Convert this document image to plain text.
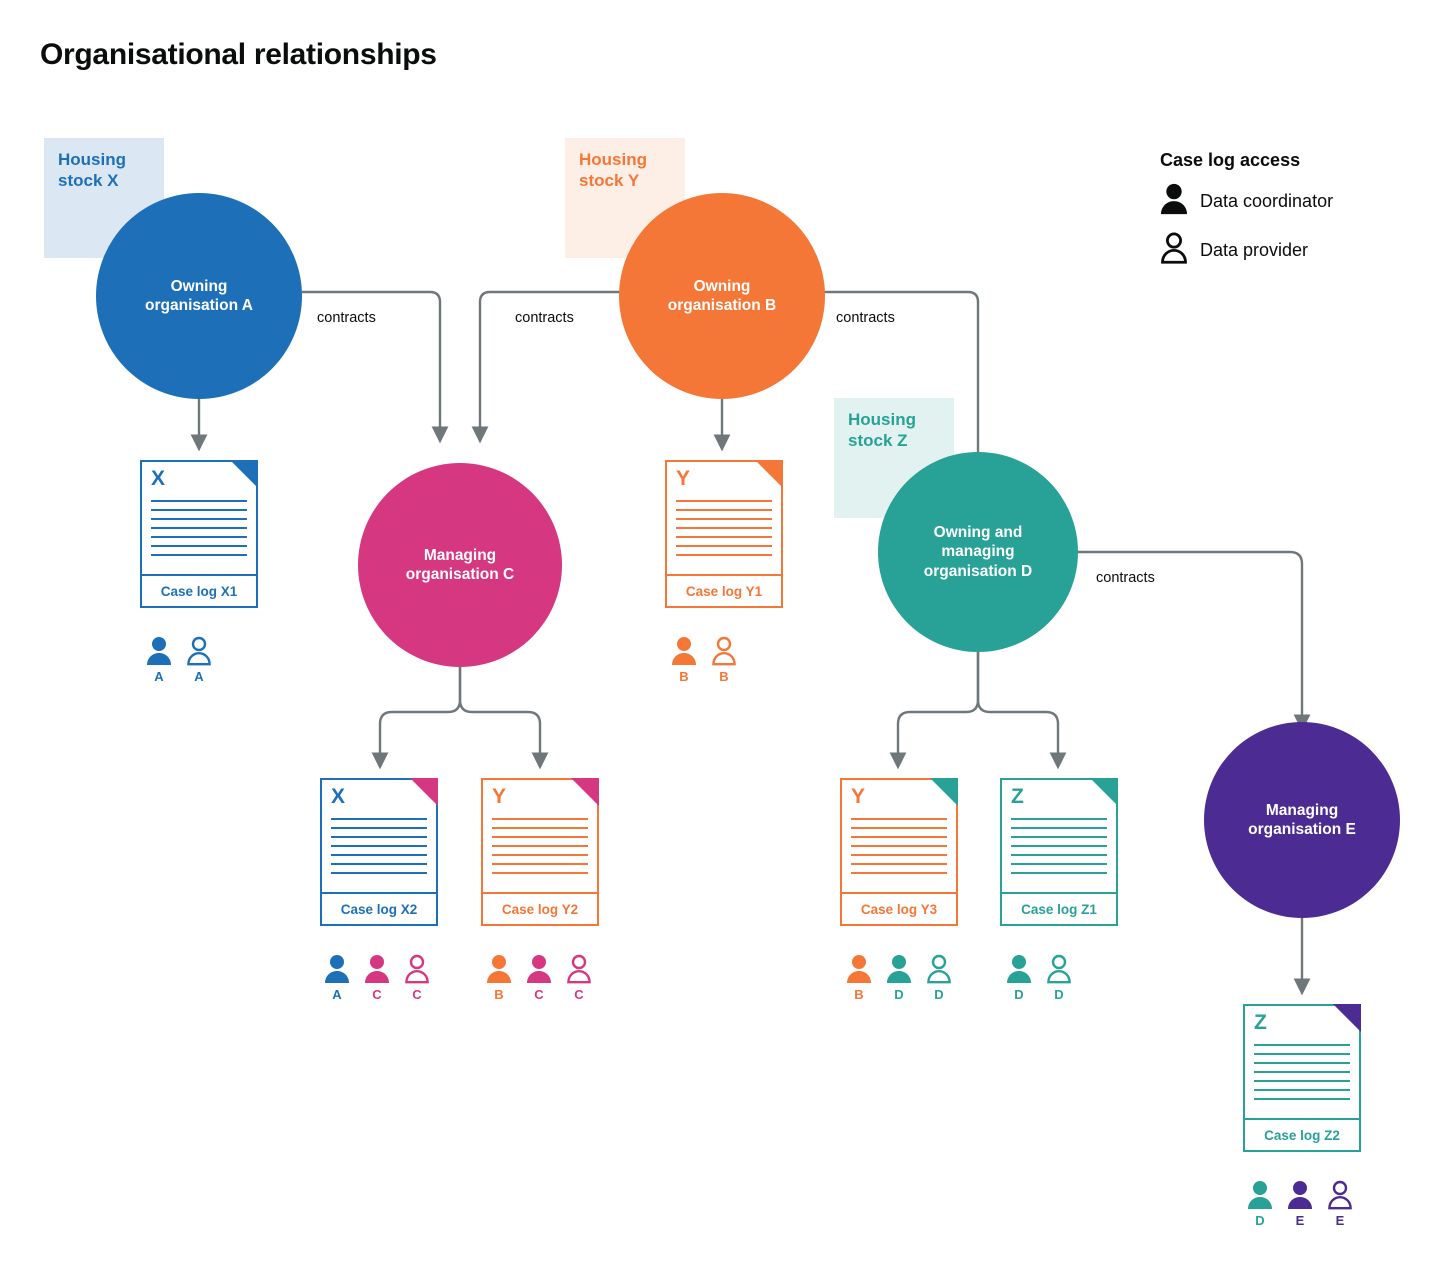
Organisational relationships
Housing
stock X
Housing
stock Y
Housing
stock Z
Owning
organisation A
Owning
organisation B
Managing
organisation C
Owning and
managing
organisation D
Managing
organisation E
contracts	contracts	contracts
contracts
X
Case log X1
A	A
Y
Case log Y1
B	B
X
Case log X2
A	C	C
Y
Case log Y2
B	C	C
Y
Case log Y3
B	D	D
Z
Case log Z1
D	D
Z
Case log Z2
D	E	E
Case log access
Data coordinator
Data provider
